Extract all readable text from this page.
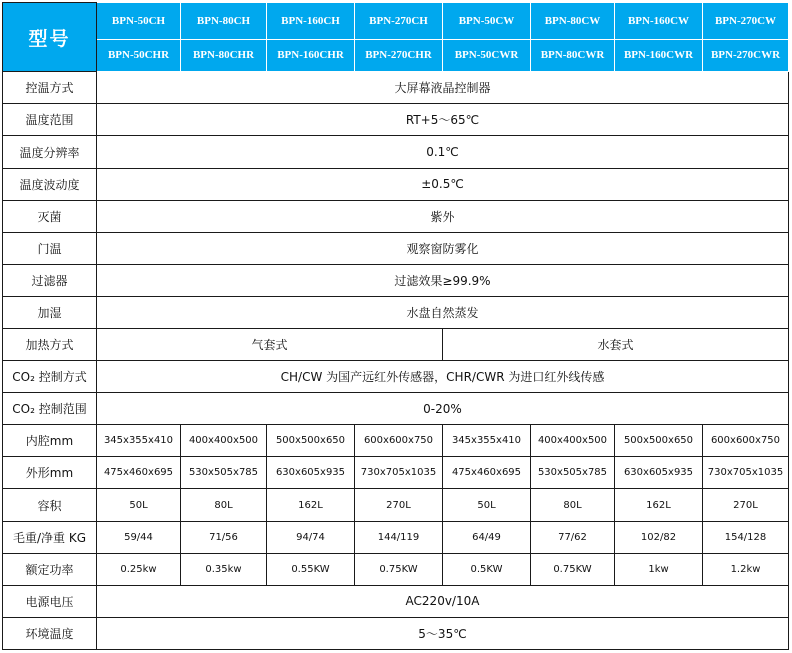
型号	BPN-50CH	BPN-80CH	BPN-160CH	BPN-270CH	BPN-50CW	BPN-80CW	BPN-160CW	BPN-270CW
	BPN-50CHR	BPN-80CHR	BPN-160CHR	BPN-270CHR	BPN-50CWR	BPN-80CWR	BPN-160CWR	BPN-270CWR
控温方式	大屏幕液晶控制器							
温度范围	RT+5～65℃							
温度分辨率	0.1℃							
温度波动度	±0.5℃							
灭菌	紫外							
门温	观察窗防雾化							
过滤器	过滤效果≥99.9%							
加湿	水盘自然蒸发							
加热方式	气套式				水套式			
CO₂ 控制方式	CH/CW 为国产远红外传感器，CHR/CWR 为进口红外线传感							
CO₂ 控制范围	0-20%							
内腔mm	345x355x410	400x400x500	500x500x650	600x600x750	345x355x410	400x400x500	500x500x650	600x600x750
外形mm	475x460x695	530x505x785	630x605x935	730x705x1035	475x460x695	530x505x785	630x605x935	730x705x1035
容积	50L	80L	162L	270L	50L	80L	162L	270L
毛重/净重 KG	59/44	71/56	94/74	144/119	64/49	77/62	102/82	154/128
额定功率	0.25kw	0.35kw	0.55KW	0.75KW	0.5KW	0.75KW	1kw	1.2kw
电源电压	AC220v/10A							
环境温度	5～35℃							
